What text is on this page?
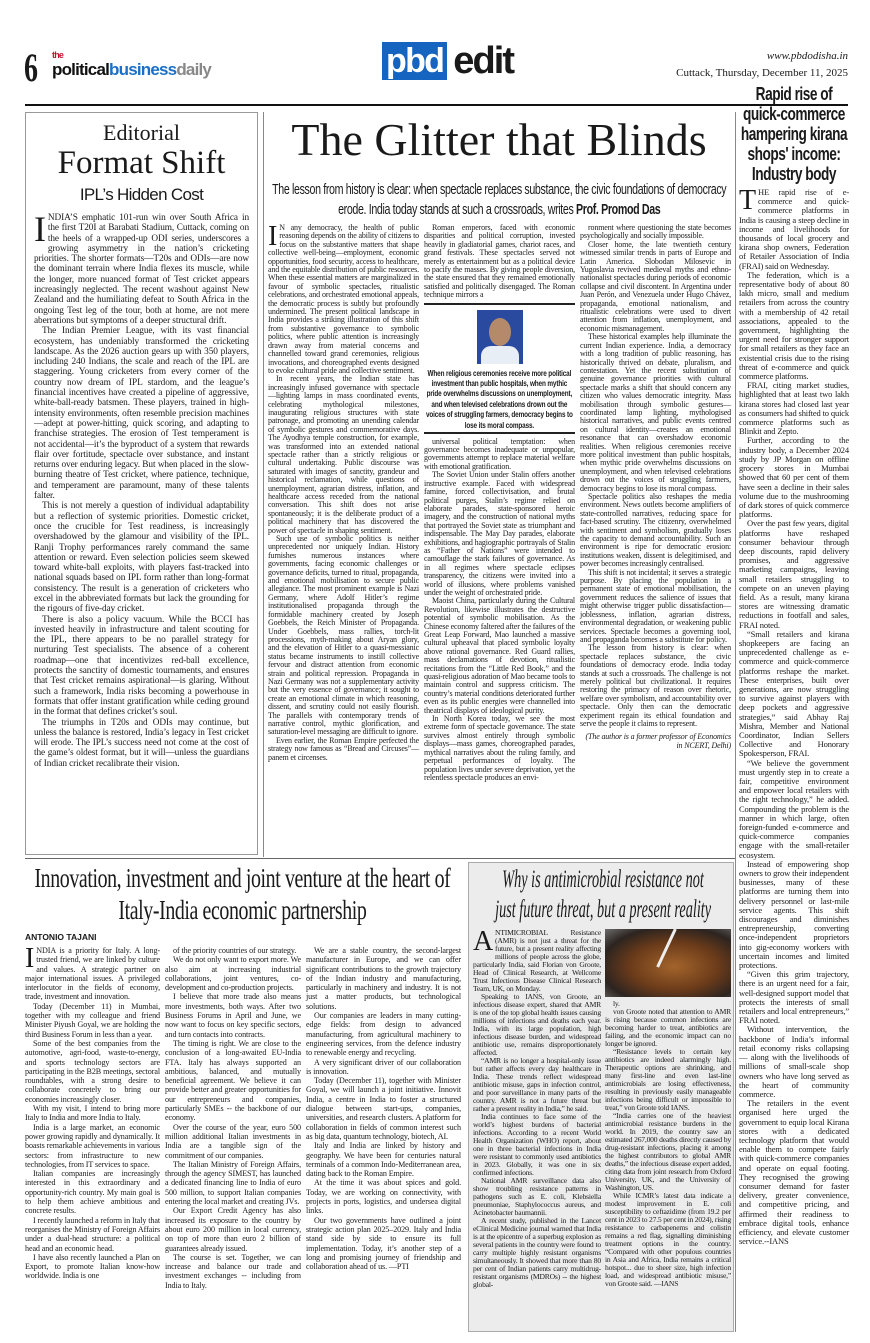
6 the
politicalbusinessdaily	pbd edit	www.pbdodisha.in
Cuttack, Thursday, December 11, 2025
Editorial
Format Shift
IPL’s Hidden Cost

INDIA’S emphatic 101-run win over South Africa in the first T20I at Barabati Stadium, Cuttack, coming on the heels of a wrapped-up ODI series, underscores a growing asymmetry in the nation’s cricketing priorities. The shorter formats—T20s and ODIs—are now the dominant terrain where India flexes its muscle, while the longer, more nuanced format of Test cricket appears increasingly neglected. The recent washout against New Zealand and the humiliating defeat to South Africa in the ongoing Test leg of the tour, both at home, are not mere aberrations but symptoms of a deeper structural drift.

The Indian Premier League, with its vast financial ecosystem, has undeniably transformed the cricketing landscape. As the 2026 auction gears up with 350 players, including 240 Indians, the scale and reach of the IPL are staggering. Young cricketers from every corner of the country now dream of IPL stardom, and the league’s financial incentives have created a pipeline of aggressive, white-ball-ready batsmen. These players, trained in high-intensity environments, often resemble precision machines—adept at power-hitting, quick scoring, and adapting to franchise strategies. The erosion of Test temperament is not accidental—it’s the byproduct of a system that rewards flair over fortitude, spectacle over substance, and instant returns over enduring legacy. But when placed in the slow-burning theatre of Test cricket, where patience, technique, and temperament are paramount, many of these talents falter.

This is not merely a question of individual adaptability but a reflection of systemic priorities. Domestic cricket, once the crucible for Test readiness, is increasingly overshadowed by the glamour and visibility of the IPL. Ranji Trophy performances rarely command the same attention or reward. Even selection policies seem skewed toward white-ball exploits, with players fast-tracked into national squads based on IPL form rather than long-format consistency. The result is a generation of cricketers who excel in the abbreviated formats but lack the grounding for the rigours of five-day cricket.

There is also a policy vacuum. While the BCCI has invested heavily in infrastructure and talent scouting for the IPL, there appears to be no parallel strategy for nurturing Test specialists. The absence of a coherent roadmap—one that incentivizes red-ball excellence, protects the sanctity of domestic tournaments, and ensures that Test cricket remains aspirational—is glaring. Without such a framework, India risks becoming a powerhouse in formats that offer instant gratification while ceding ground in the format that defines cricket’s soul.

The triumphs in T20s and ODIs may continue, but unless the balance is restored, India’s legacy in Test cricket will erode. The IPL’s success need not come at the cost of the game’s oldest format, but it will—unless the guardians of Indian cricket recalibrate their vision.

The Glitter that Blinds
The lesson from history is clear: when spectacle replaces substance, the civic foundations of democracy erode. India today stands at such a crossroads, writes Prof. Promod Das

IN any democracy, the health of public reasoning depends on the ability of citizens to focus on the substantive matters that shape collective well-being—employment, economic opportunities, food security, access to healthcare, and the equitable distribution of public resources. When these essential matters are marginalized in favour of symbolic spectacles, ritualistic celebrations, and orchestrated emotional appeals, the democratic process is subtly but profoundly undermined. The present political landscape in India provides a striking illustration of this shift from substantive governance to symbolic politics, where public attention is increasingly drawn away from material concerns and channelled toward grand ceremonies, religious invocations, and choreographed events designed to evoke cultural pride and collective sentiment.

In recent years, the Indian state has increasingly infused governance with spectacle—lighting lamps in mass coordinated events, celebrating mythological milestones, inaugurating religious structures with state patronage, and promoting an unending calendar of symbolic gestures and commemorative days. The Ayodhya temple construction, for example, was transformed into an extended national spectacle rather than a strictly religious or cultural undertaking. Public discourse was saturated with images of sanctity, grandeur and historical reclamation, while questions of unemployment, agrarian distress, inflation, and healthcare access receded from the national conversation. This shift does not arise spontaneously; it is the deliberate product of a political machinery that has discovered the power of spectacle in shaping sentiment.

Such use of symbolic politics is neither unprecedented nor uniquely Indian. History furnishes numerous instances where governments, facing economic challenges or governance deficits, turned to ritual, propaganda, and emotional mobilisation to secure public allegiance. The most prominent example is Nazi Germany, where Adolf Hitler’s regime institutionalised propaganda through the formidable machinery created by Joseph Goebbels, the Reich Minister of Propaganda. Under Goebbels, mass rallies, torch-lit processions, myth-making about Aryan glory, and the elevation of Hitler to a quasi-messianic status became instruments to instill collective fervour and distract attention from economic strain and political repression. Propaganda in Nazi Germany was not a supplementary activity but the very essence of governance; it sought to create an emotional climate in which reasoning, dissent, and scrutiny could not easily flourish. The parallels with contemporary trends of narrative control, mythic glorification, and saturation-level messaging are difficult to ignore.

Even earlier, the Roman Empire perfected the strategy now famous as “Bread and Circuses”—panem et circenses.

Roman emperors, faced with economic disparities and political corruption, invested heavily in gladiatorial games, chariot races, and grand festivals. These spectacles served not merely as entertainment but as a political device to pacify the masses. By giving people diversion, the state ensured that they remained emotionally satisfied and politically disengaged. The Roman technique mirrors a

When religious ceremonies receive more political investment than public hospitals, when mythic pride overwhelms discussions on unemployment, and when televised celebrations drown out the voices of struggling farmers, democracy begins to lose its moral compass.

universal political temptation: when governance becomes inadequate or unpopular, governments attempt to replace material welfare with emotional gratification.

The Soviet Union under Stalin offers another instructive example. Faced with widespread famine, forced collectivisation, and brutal political purges, Stalin’s regime relied on elaborate parades, state-sponsored heroic imagery, and the construction of national myths that portrayed the Soviet state as triumphant and indispensable. The May Day parades, elaborate exhibitions, and hagiographic portrayals of Stalin as “Father of Nations” were intended to camouflage the stark failures of governance. As in all regimes where spectacle eclipses transparency, the citizens were invited into a world of illusions, where problems vanished under the weight of orchestrated pride.

Maoist China, particularly during the Cultural Revolution, likewise illustrates the destructive potential of symbolic mobilisation. As the Chinese economy faltered after the failures of the Great Leap Forward, Mao launched a massive cultural upheaval that placed symbolic loyalty above rational governance. Red Guard rallies, mass declamations of devotion, ritualistic recitations from the “Little Red Book,” and the quasi-religious adoration of Mao became tools to maintain control and suppress criticism. The country’s material conditions deteriorated further even as its public energies were channelled into theatrical displays of ideological purity.

In North Korea today, we see the most extreme form of spectacle governance. The state survives almost entirely through symbolic displays—mass games, choreographed parades, mythical narratives about the ruling family, and perpetual performances of loyalty. The population lives under severe deprivation, yet the relentless spectacle produces an envi-

ronment where questioning the state becomes psychologically and socially impossible.

Closer home, the late twentieth century witnessed similar trends in parts of Europe and Latin America. Slobodan Milosevic in Yugoslavia revived medieval myths and ethno-nationalist spectacles during periods of economic collapse and civil discontent. In Argentina under Juan Perón, and Venezuela under Hugo Chávez, propaganda, emotional nationalism, and ritualistic celebrations were used to divert attention from inflation, unemployment, and economic mismanagement.

These historical examples help illuminate the current Indian experience. India, a democracy with a long tradition of public reasoning, has historically thrived on debate, pluralism, and contestation. Yet the recent substitution of genuine governance priorities with cultural spectacle marks a shift that should concern any citizen who values democratic integrity. Mass mobilisation through symbolic gestures—coordinated lamp lighting, mythologised historical narratives, and public events centred on cultural identity—creates an emotional resonance that can overshadow economic realities. When religious ceremonies receive more political investment than public hospitals, when mythic pride overwhelms discussions on unemployment, and when televised celebrations drown out the voices of struggling farmers, democracy begins to lose its moral compass.

Spectacle politics also reshapes the media environment. News outlets become amplifiers of state-controlled narratives, reducing space for fact-based scrutiny. The citizenry, overwhelmed with sentiment and symbolism, gradually loses the capacity to demand accountability. Such an environment is ripe for democratic erosion: institutions weaken, dissent is delegitimised, and power becomes increasingly centralised.

This shift is not incidental; it serves a strategic purpose. By placing the population in a permanent state of emotional mobilisation, the government reduces the salience of issues that might otherwise trigger public dissatisfaction—joblessness, inflation, agrarian distress, environmental degradation, or weakening public services. Spectacle becomes a governing tool, and propaganda becomes a substitute for policy.

The lesson from history is clear: when spectacle replaces substance, the civic foundations of democracy erode. India today stands at such a crossroads. The challenge is not merely political but civilizational. It requires restoring the primacy of reason over rhetoric, welfare over symbolism, and accountability over spectacle. Only then can the democratic experiment regain its ethical foundation and serve the people it claims to represent.

(The author is a former professor of Economics in NCERT, Delhi)

Rapid rise of quick-commerce hampering kirana shops' income: Industry body

THE rapid rise of e-commerce and quick-commerce platforms in India is causing a steep decline in income and livelihoods for thousands of local grocery and kirana shop owners, Federation of Retailer Association of India (FRAI) said on Wednesday.

The federation, which is a representative body of about 80 lakh micro, small and medium retailers from across the country with a membership of 42 retail associations, appealed to the government, highlighting the urgent need for stronger support for small retailers as they face an existential crisis due to the rising threat of e-commerce and quick commerce platforms.

FRAI, citing market studies, highlighted that at least two lakh kirana stores had closed last year as consumers had shifted to quick commerce platforms such as Blinkit and Zepto.

Further, according to the industry body, a December 2024 study by JP Morgan on offline grocery stores in Mumbai showed that 60 per cent of them have seen a decline in their sales volume due to the mushrooming of dark stores of quick commerce platforms.

Over the past few years, digital platforms have reshaped consumer behaviour through deep discounts, rapid delivery promises, and aggressive marketing campaigns, leaving small retailers struggling to compete on an uneven playing field. As a result, many kirana stores are witnessing dramatic reductions in footfall and sales, FRAI noted.

“Small retailers and kirana shopkeepers are facing an unprecedented challenge as e-commerce and quick-commerce platforms reshape the market. These enterprises, built over generations, are now struggling to survive against players with deep pockets and aggressive strategies,” said Abhay Raj Mishra, Member and National Coordinator, Indian Sellers Collective and Honorary Spokesperson, FRAI.

“We believe the government must urgently step in to create a fair, competitive environment and empower local retailers with the right technology,” he added. Compounding the problem is the manner in which large, often foreign-funded e-commerce and quick-commerce companies engage with the small-retailer ecosystem.

Instead of empowering shop owners to grow their independent businesses, many of these platforms are turning them into delivery personnel or last-mile service agents. This shift discourages and diminishes entrepreneurship, converting once-independent proprietors into gig-economy workers with uncertain incomes and limited protections.

“Given this grim trajectory, there is an urgent need for a fair, well-designed support model that protects the interests of small retailers and local entrepreneurs,” FRAI noted.

Without intervention, the backbone of India’s informal retail economy risks collapsing — along with the livelihoods of millions of small-scale shop owners who have long served as the heart of community commerce.

The retailers in the event organised here urged the government to equip local Kirana stores with a dedicated technology platform that would enable them to compete fairly with quick-commerce companies and operate on equal footing. They recognised the growing consumer demand for faster delivery, greater convenience, and competitive pricing, and affirmed their readiness to embrace digital tools, enhance efficiency, and elevate customer service.--IANS

Innovation, investment and joint venture at the heart of Italy-India economic partnership
ANTONIO TAJANI

INDIA is a priority for Italy. A long-trusted friend, we are linked by culture and values. A strategic partner on major international issues. A privileged interlocutor in the fields of economy, trade, investment and innovation.

Today (December 11) in Mumbai, together with my colleague and friend Minister Piyush Goyal, we are holding the third Business Forum in less than a year.

Some of the best companies from the automotive, agri-food, waste-to-energy, and sports technology sectors are participating in the B2B meetings, sectoral roundtables, with a strong desire to collaborate concretely to bring our economies increasingly closer.

With my visit, I intend to bring more Italy to India and more India to Italy.

India is a large market, an economic power growing rapidly and dynamically. It boasts remarkable achievements in various sectors: from infrastructure to new technologies, from IT services to space.

Italian companies are increasingly interested in this extraordinary and opportunity-rich country. My main goal is to help them achieve ambitious and concrete results.

I recently launched a reform in Italy that reorganises the Ministry of Foreign Affairs under a dual-head structure: a political head and an economic head.

I have also recently launched a Plan on Export, to promote Italian know-how worldwide. India is one

of the priority countries of our strategy.

We do not only want to export more. We also aim at increasing industrial collaborations, joint ventures, co-development and co-production projects.

I believe that more trade also means more investments, both ways. After two Business Forums in April and June, we now want to focus on key specific sectors, and turn contacts into contracts.

The timing is right. We are close to the conclusion of a long-awaited EU-India FTA. Italy has always supported an ambitious, balanced, and mutually beneficial agreement. We believe it can provide better and greater opportunities for our entrepreneurs and companies, particularly SMEs -- the backbone of our economy.

Over the course of the year, euro 500 million additional Italian investments in India are a tangible sign of the commitment of our companies.

The Italian Ministry of Foreign Affairs, through the agency SIMEST, has launched a dedicated financing line to India of euro 500 million, to support Italian companies entering the local market and creating JVs.

Our Export Credit Agency has also increased its exposure to the country by about euro 200 million in local currency, on top of more than euro 2 billion of guarantees already issued.

The course is set. Together, we can increase and balance our trade and investment exchanges -- including from India to Italy.

We are a stable country, the second-largest manufacturer in Europe, and we can offer significant contributions to the growth trajectory of the Indian industry and manufacturing, particularly in machinery and industry. It is not just a matter products, but technological solutions.

Our companies are leaders in many cutting-edge fields: from design to advanced manufacturing, from agricultural machinery to engineering services, from the defence industry to renewable energy and recycling.

A very significant driver of our collaboration is innovation.

Today (December 11), together with Minister Goyal, we will launch a joint initiative. Innovit India, a centre in India to foster a structured dialogue between start-ups, companies, universities, and research clusters. A platform for collaboration in fields of common interest such as big data, quantum technology, biotech, AI.

Italy and India are linked by history and geography. We have been for centuries natural terminals of a common Indo-Mediterranean area, dating back to the Roman Empire.

At the time it was about spices and gold. Today, we are working on connectivity, with projects in ports, logistics, and undersea digital links.

Our two governments have outlined a joint strategic action plan 2025–2029. Italy and India stand side by side to ensure its full implementation. Today, it’s another step of a long and promising journey of friendship and collaboration ahead of us. —PTI

Why is antimicrobial resistance not
just future threat, but a present reality

ANTIMICROBIAL Resistance (AMR) is not just a threat for the future, but a present reality affecting millions of people across the globe, particularly India, said Florian von Groote, Head of Clinical Research, at Wellcome Trust Infectious Disease Clinical Research Team, UK, on Monday.

Speaking to IANS, von Groote, an infectious disease expert, shared that AMR is one of the top global health issues causing millions of infections and deaths each year. India, with its large population, high infectious disease burden, and widespread antibiotic use, remains disproportionately affected.

“AMR is no longer a hospital-only issue but rather affects every day healthcare in India. These trends reflect widespread antibiotic misuse, gaps in infection control, and poor surveillance in many parts of the country. AMR is not a future threat but rather a present reality in India,” he said.

India continues to face some of the world’s highest burdens of bacterial infections. According to a recent World Health Organization (WHO) report, about one in three bacterial infections in India were resistant to commonly used antibiotics in 2023. Globally, it was one in six confirmed infections.

National AMR surveillance data also show troubling resistance patterns in pathogens such as E. coli, Klebsiella pneumoniae, Staphylococcus aureus, and Acinetobacter baumannii.

A recent study, published in the Lancet eClinical Medicine journal warned that India is at the epicentre of a superbug explosion as several patients in the country were found to carry multiple highly resistant organisms simultaneously. It showed that more than 80 per cent of Indian patients carry multidrug-resistant organisms (MDROs) -- the highest global-

ly.

von Groote noted that attention to AMR is rising because common infections are becoming harder to treat, antibiotics are failing, and the economic impact can no longer be ignored.

“Resistance levels to certain key antibiotics are indeed alarmingly high. Therapeutic options are shrinking, and many first-line and even last-line antimicrobials are losing effectiveness, resulting in previously easily manageable infections being difficult or impossible to treat,” von Groote told IANS.

“India carries one of the heaviest antimicrobial resistance burdens in the world. In 2019, the country saw an estimated 267,000 deaths directly caused by drug-resistant infections, placing it among the highest contributors to global AMR deaths,” the infectious disease expert added, citing data from joint research from Oxford University, UK, and the University of Washington, US.

While ICMR’s latest data indicate a modest improvement in E. coli susceptibility to ceftazidime (from 19.2 per cent in 2023 to 27.5 per cent in 2024), rising resistance to carbapenems and colistin remains a red flag, signalling diminishing treatment options in the country. “Compared with other populous countries in Asia and Africa, India remains a critical hotspot... due to sheer size, high infection load, and widespread antibiotic misuse,” von Groote said. —IANS
